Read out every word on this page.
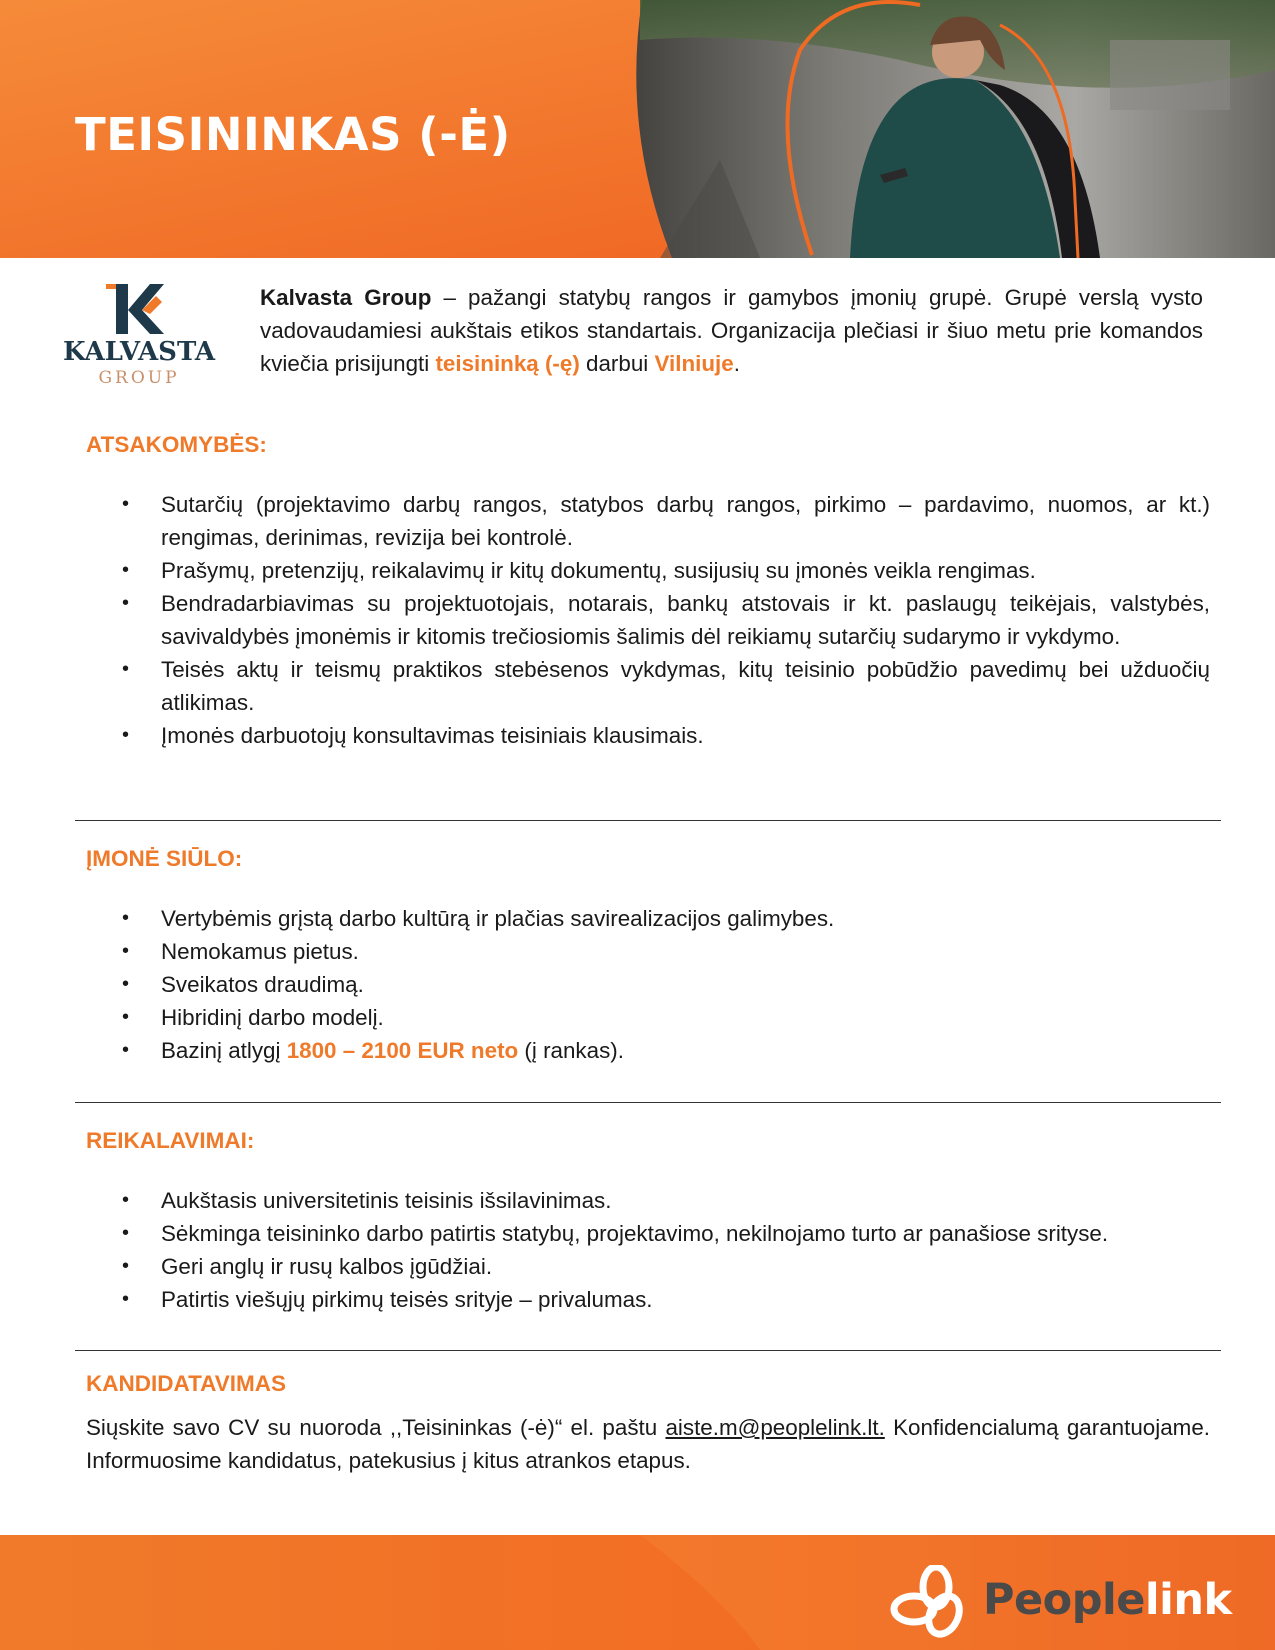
TEISININKAS (-Ė)
KALVASTA
GROUP

Kalvasta Group – pažangi statybų rangos ir gamybos įmonių grupė. Grupė verslą vysto vadovaudamiesi aukštais etikos standartais. Organizacija plečiasi ir šiuo metu prie komandos kviečia prisijungti teisininką (-ę) darbui Vilniuje.

ATSAKOMYBĖS:
• Sutarčių (projektavimo darbų rangos, statybos darbų rangos, pirkimo – pardavimo, nuomos, ar kt.) rengimas, derinimas, revizija bei kontrolė.
• Prašymų, pretenzijų, reikalavimų ir kitų dokumentų, susijusių su įmonės veikla rengimas.
• Bendradarbiavimas su projektuotojais, notarais, bankų atstovais ir kt. paslaugų teikėjais, valstybės, savivaldybės įmonėmis ir kitomis trečiosiomis šalimis dėl reikiamų sutarčių sudarymo ir vykdymo.
• Teisės aktų ir teismų praktikos stebėsenos vykdymas, kitų teisinio pobūdžio pavedimų bei užduočių atlikimas.
• Įmonės darbuotojų konsultavimas teisiniais klausimais.
ĮMONĖ SIŪLO:
• Vertybėmis grįstą darbo kultūrą ir plačias savirealizacijos galimybes.
• Nemokamus pietus.
• Sveikatos draudimą.
• Hibridinį darbo modelį.
• Bazinį atlygį 1800 – 2100 EUR neto (į rankas).
REIKALAVIMAI:
• Aukštasis universitetinis teisinis išsilavinimas.
• Sėkminga teisininko darbo patirtis statybų, projektavimo, nekilnojamo turto ar panašiose srityse.
• Geri anglų ir rusų kalbos įgūdžiai.
• Patirtis viešųjų pirkimų teisės srityje – privalumas.
KANDIDATAVIMAS

Siųskite savo CV su nuoroda ,,Teisininkas (-ė)“ el. paštu aiste.m@peoplelink.lt. Konfidencialumą garantuojame. Informuosime kandidatus, patekusius į kitus atrankos etapus.

Peoplelink
